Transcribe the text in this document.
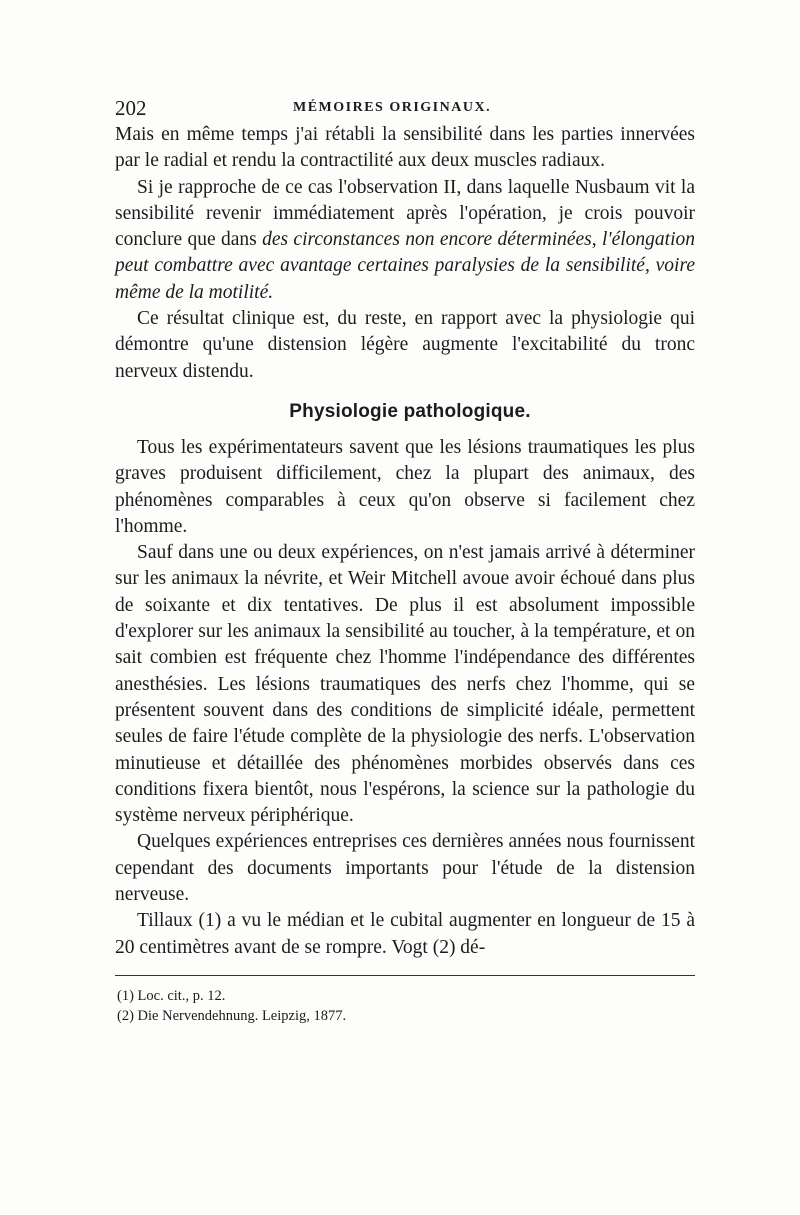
202	MÉMOIRES ORIGINAUX.

Mais en même temps j'ai rétabli la sensibilité dans les parties innervées par le radial et rendu la contractilité aux deux muscles radiaux.

Si je rapproche de ce cas l'observation II, dans laquelle Nusbaum vit la sensibilité revenir immédiatement après l'opération, je crois pouvoir conclure que dans des circonstances non encore déterminées, l'élongation peut combattre avec avantage certaines paralysies de la sensibilité, voire même de la motilité.

Ce résultat clinique est, du reste, en rapport avec la physiologie qui démontre qu'une distension légère augmente l'excitabilité du tronc nerveux distendu.

Physiologie pathologique.

Tous les expérimentateurs savent que les lésions traumatiques les plus graves produisent difficilement, chez la plupart des animaux, des phénomènes comparables à ceux qu'on observe si facilement chez l'homme.

Sauf dans une ou deux expériences, on n'est jamais arrivé à déterminer sur les animaux la névrite, et Weir Mitchell avoue avoir échoué dans plus de soixante et dix tentatives. De plus il est absolument impossible d'explorer sur les animaux la sensibilité au toucher, à la température, et on sait combien est fréquente chez l'homme l'indépendance des différentes anesthésies. Les lésions traumatiques des nerfs chez l'homme, qui se présentent souvent dans des conditions de simplicité idéale, permettent seules de faire l'étude complète de la physiologie des nerfs. L'observation minutieuse et détaillée des phénomènes morbides observés dans ces conditions fixera bientôt, nous l'espérons, la science sur la pathologie du système nerveux périphérique.

Quelques expériences entreprises ces dernières années nous fournissent cependant des documents importants pour l'étude de la distension nerveuse.

Tillaux (1) a vu le médian et le cubital augmenter en longueur de 15 à 20 centimètres avant de se rompre. Vogt (2) dé-

(1) Loc. cit., p. 12.
(2) Die Nervendehnung. Leipzig, 1877.
